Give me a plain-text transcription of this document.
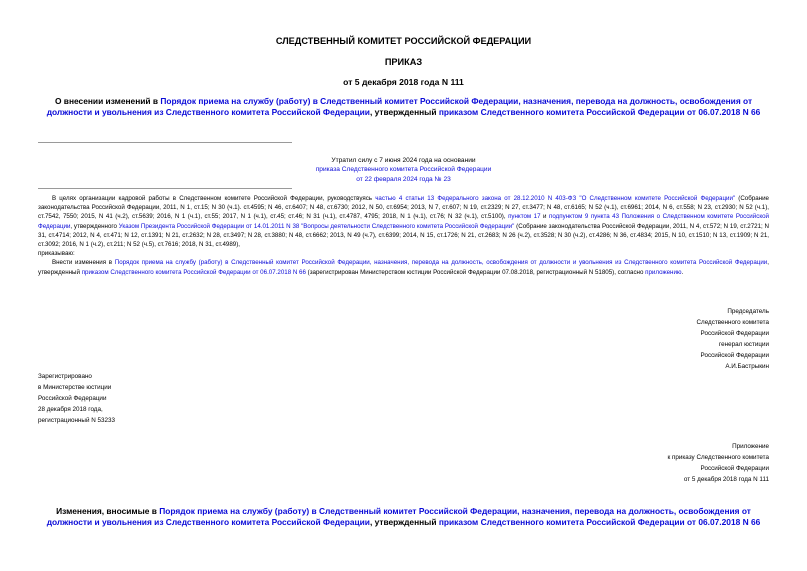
СЛЕДСТВЕННЫЙ КОМИТЕТ РОССИЙСКОЙ ФЕДЕРАЦИИ
ПРИКАЗ
от 5 декабря 2018 года N 111
О внесении изменений в Порядок приема на службу (работу) в Следственный комитет Российской Федерации, назначения, перевода на должность, освобождения от должности и увольнения из Следственного комитета Российской Федерации, утвержденный приказом Следственного комитета Российской Федерации от 06.07.2018 N 66
Утратил силу с 7 июня 2024 года на основании
приказа Следственного комитета Российской Федерации
от 22 февраля 2024 года № 23

В целях организации кадровой работы в Следственном комитете Российской Федерации, руководствуясь частью 4 статьи 13 Федерального закона от 28.12.2010 N 403-ФЗ "О Следственном комитете Российской Федерации" (Собрание законодательства Российской Федерации, 2011, N 1, ст.15; N 30 (ч.1). ст.4595; N 46, ст.6407; N 48, ст.6730; 2012, N 50, ст.6954; 2013, N 7, ст.607; N 19, ст.2329; N 27, ст.3477; N 48, ст.6165; N 52 (ч.1), ст.6961; 2014, N 6, ст.558; N 23, ст.2930; N 52 (ч.1), ст.7542, 7550; 2015, N 41 (ч.2), ст.5639; 2016, N 1 (ч.1), ст.55; 2017, N 1 (ч.1), ст.45; ст.46; N 31 (ч.1), ст.4787, 4795; 2018, N 1 (ч.1), ст.76; N 32 (ч.1), ст.5100), пунктом 17 и подпунктом 9 пункта 43 Положения о Следственном комитете Российской Федерации, утвержденного Указом Президента Российской Федерации от 14.01.2011 N 38 "Вопросы деятельности Следственного комитета Российской Федерации" (Собрание законодательства Российской Федерации, 2011, N 4, ст.572; N 19, ст.2721; N 31, ст.4714; 2012, N 4, ст.471; N 12, ст.1391; N 21, ст.2632; N 28, ст.3497; N 28, ст.3880; N 48, ст.6662; 2013, N 49 (ч.7), ст.6399; 2014, N 15, ст.1726; N 21, ст.2683; N 26 (ч.2), ст.3528; N 30 (ч.2), ст.4286; N 36, ст.4834; 2015, N 10, ст.1510; N 13, ст.1909; N 21, ст.3092; 2016, N 1 (ч.2), ст.211; N 52 (ч.5), ст.7616; 2018, N 31, ст.4989),

приказываю:

Внести изменения в Порядок приема на службу (работу) в Следственный комитет Российской Федерации, назначения, перевода на должность, освобождения от должности и увольнения из Следственного комитета Российской Федерации, утвержденный приказом Следственного комитета Российской Федерации от 06.07.2018 N 66 (зарегистрирован Министерством юстиции Российской Федерации 07.08.2018, регистрационный N 51805), согласно приложению.

Председатель
Следственного комитета
Российской Федерации
генерал юстиции
Российской Федерации
А.И.Бастрыкин
Зарегистрировано
в Министерстве юстиции
Российской Федерации
28 декабря 2018 года,
регистрационный N 53233
Приложение
к приказу Следственного комитета
Российской Федерации
от 5 декабря 2018 года N 111
Изменения, вносимые в Порядок приема на службу (работу) в Следственный комитет Российской Федерации, назначения, перевода на должность, освобождения от должности и увольнения из Следственного комитета Российской Федерации, утвержденный приказом Следственного комитета Российской Федерации от 06.07.2018 N 66
